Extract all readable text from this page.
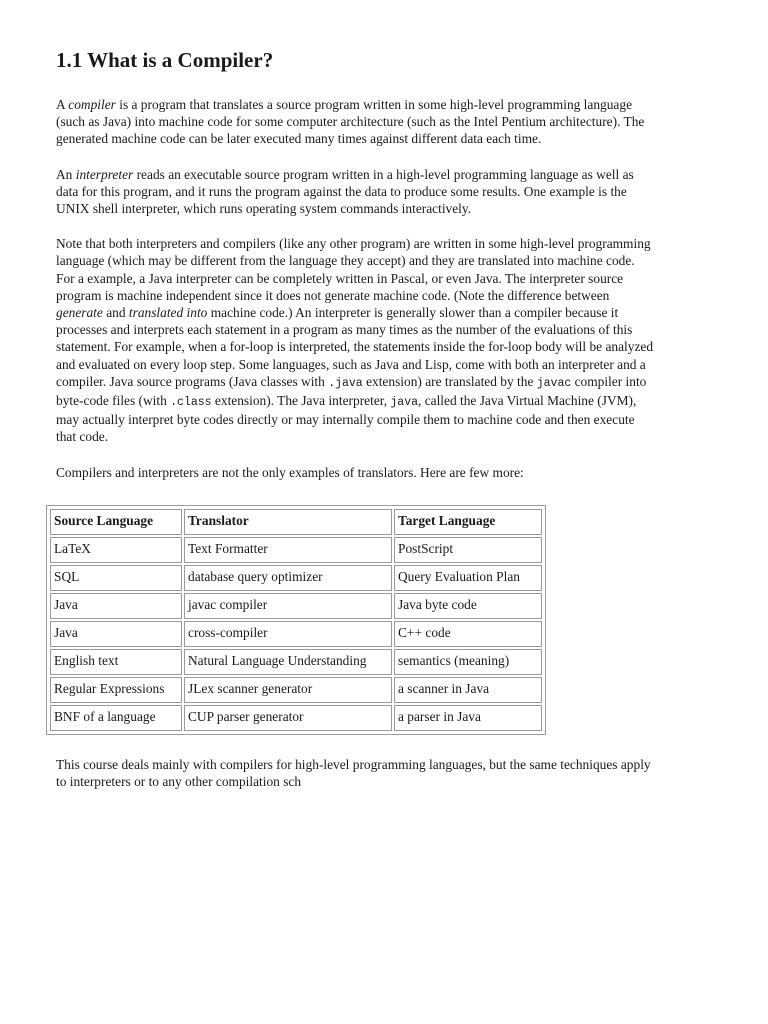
1.1 What is a Compiler?

A compiler is a program that translates a source program written in some high-level programming language (such as Java) into machine code for some computer architecture (such as the Intel Pentium architecture). The generated machine code can be later executed many times against different data each time.

An interpreter reads an executable source program written in a high-level programming language as well as data for this program, and it runs the program against the data to produce some results. One example is the UNIX shell interpreter, which runs operating system commands interactively.

Note that both interpreters and compilers (like any other program) are written in some high-level programming language (which may be different from the language they accept) and they are translated into machine code. For a example, a Java interpreter can be completely written in Pascal, or even Java. The interpreter source program is machine independent since it does not generate machine code. (Note the difference between generate and translated into machine code.) An interpreter is generally slower than a compiler because it processes and interprets each statement in a program as many times as the number of the evaluations of this statement. For example, when a for-loop is interpreted, the statements inside the for-loop body will be analyzed and evaluated on every loop step. Some languages, such as Java and Lisp, come with both an interpreter and a compiler. Java source programs (Java classes with .java extension) are translated by the javac compiler into byte-code files (with .class extension). The Java interpreter, java, called the Java Virtual Machine (JVM), may actually interpret byte codes directly or may internally compile them to machine code and then execute that code.

Compilers and interpreters are not the only examples of translators. Here are few more:

Source Language	Translator	Target Language
LaTeX	Text Formatter	PostScript
SQL	database query optimizer	Query Evaluation Plan
Java	javac compiler	Java byte code
Java	cross-compiler	C++ code
English text	Natural Language Understanding	semantics (meaning)
Regular Expressions	JLex scanner generator	a scanner in Java
BNF of a language	CUP parser generator	a parser in Java

This course deals mainly with compilers for high-level programming languages, but the same techniques apply to interpreters or to any other compilation sch
